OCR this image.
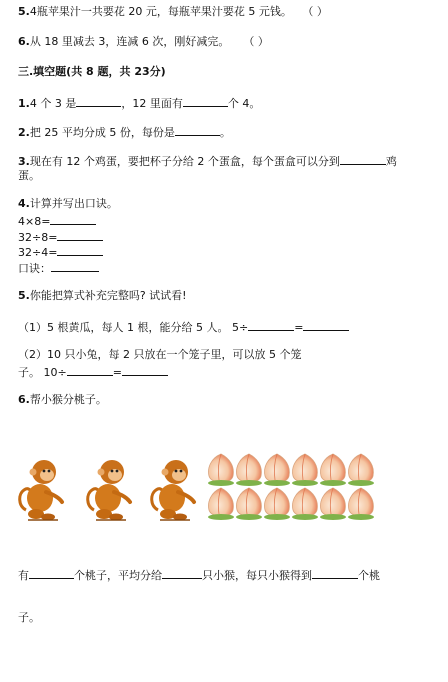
5.4瓶苹果汁一共要花 20 元，每瓶苹果汁要花 5 元钱。 （ ）
6.从 18 里减去 3，连减 6 次，刚好减完。 （ ）
三.填空题(共 8 题，共 23分)
1.4 个 3 是	，12 里面有	个 4。
2.把 25 平均分成 5 份，每份是	。
3.现在有 12 个鸡蛋，要把杯子分给 2 个蛋盒，每个蛋盒可以分到	鸡
蛋。
4.计算并写出口诀。
4×8=
32÷8=
32÷4=
口诀：
5.你能把算式补充完整吗? 试试看!
（1）5 根黄瓜，每人 1 根，能分给 5 人。 5÷	=
（2）10 只小兔，每 2 只放在一个笼子里，可以放 5 个笼
子。 10÷	=
6.帮小猴分桃子。
有	个桃子，平均分给	只小猴，每只小猴得到	个桃
子。
